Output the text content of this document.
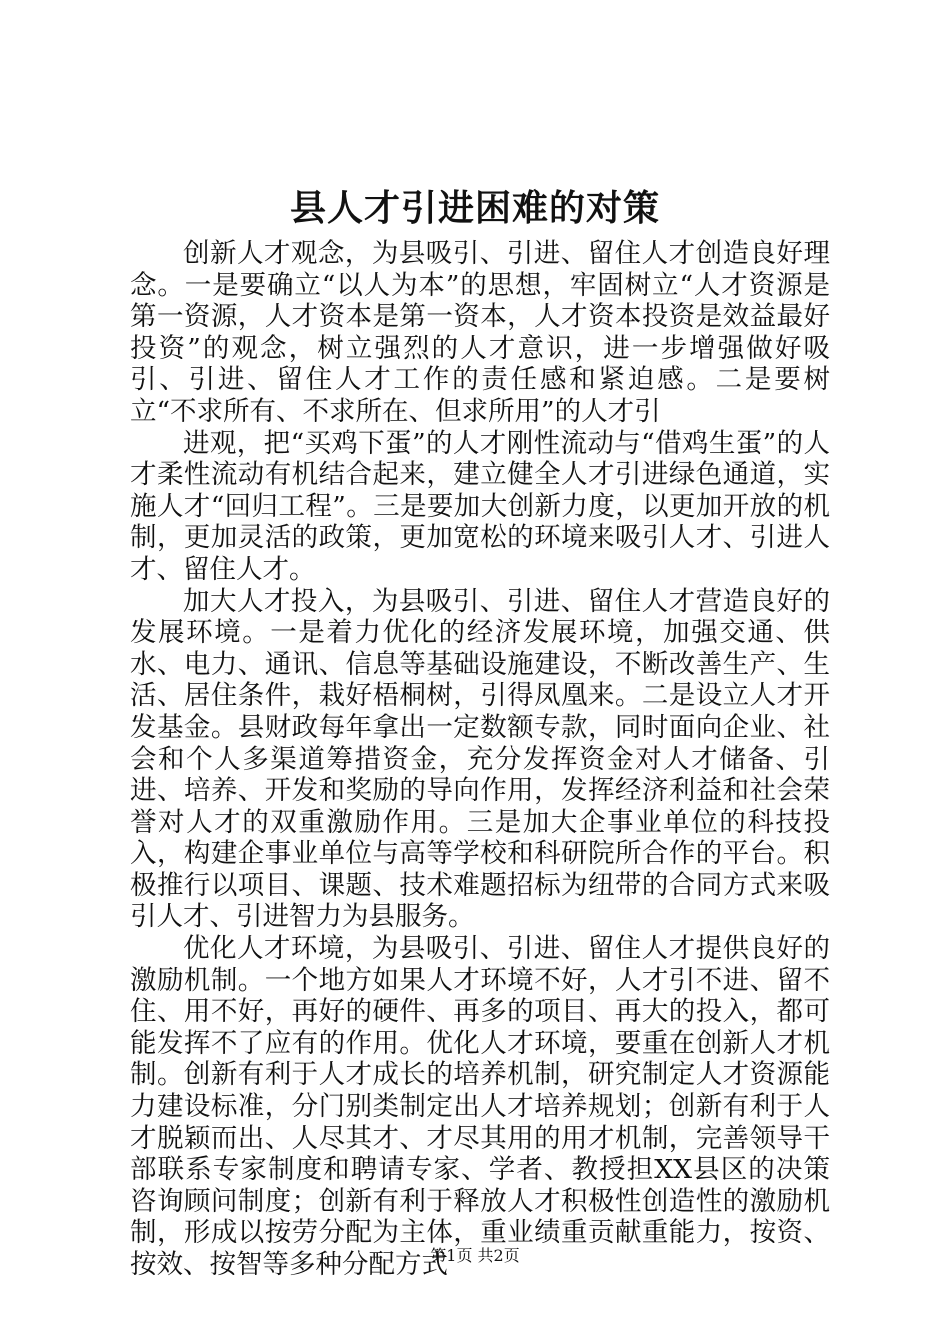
县人才引进困难的对策

创新人才观念，为县吸引、引进、留住人才创造良好理念。一是要确立“以人为本”的思想，牢固树立“人才资源是第一资源，人才资本是第一资本，人才资本投资是效益最好投资”的观念，树立强烈的人才意识，进一步增强做好吸引、引进、留住人才工作的责任感和紧迫感。二是要树立“不求所有、不求所在、但求所用”的人才引

进观，把“买鸡下蛋”的人才刚性流动与“借鸡生蛋”的人才柔性流动有机结合起来，建立健全人才引进绿色通道，实施人才“回归工程”。三是要加大创新力度，以更加开放的机制，更加灵活的政策，更加宽松的环境来吸引人才、引进人才、留住人才。

加大人才投入，为县吸引、引进、留住人才营造良好的发展环境。一是着力优化的经济发展环境，加强交通、供水、电力、通讯、信息等基础设施建设，不断改善生产、生活、居住条件，栽好梧桐树，引得凤凰来。二是设立人才开发基金。县财政每年拿出一定数额专款，同时面向企业、社会和个人多渠道筹措资金，充分发挥资金对人才储备、引进、培养、开发和奖励的导向作用，发挥经济利益和社会荣誉对人才的双重激励作用。三是加大企事业单位的科技投入，构建企事业单位与高等学校和科研院所合作的平台。积极推行以项目、课题、技术难题招标为纽带的合同方式来吸引人才、引进智力为县服务。

优化人才环境，为县吸引、引进、留住人才提供良好的激励机制。一个地方如果人才环境不好，人才引不进、留不住、用不好，再好的硬件、再多的项目、再大的投入，都可能发挥不了应有的作用。优化人才环境，要重在创新人才机制。创新有利于人才成长的培养机制，研究制定人才资源能力建设标准，分门别类制定出人才培养规划；创新有利于人才脱颖而出、人尽其才、才尽其用的用才机制，完善领导干部联系专家制度和聘请专家、学者、教授担XX县区的决策咨询顾问制度；创新有利于释放人才积极性创造性的激励机制，形成以按劳分配为主体，重业绩重贡献重能力，按资、按效、按智等多种分配方式

第1页 共2页
